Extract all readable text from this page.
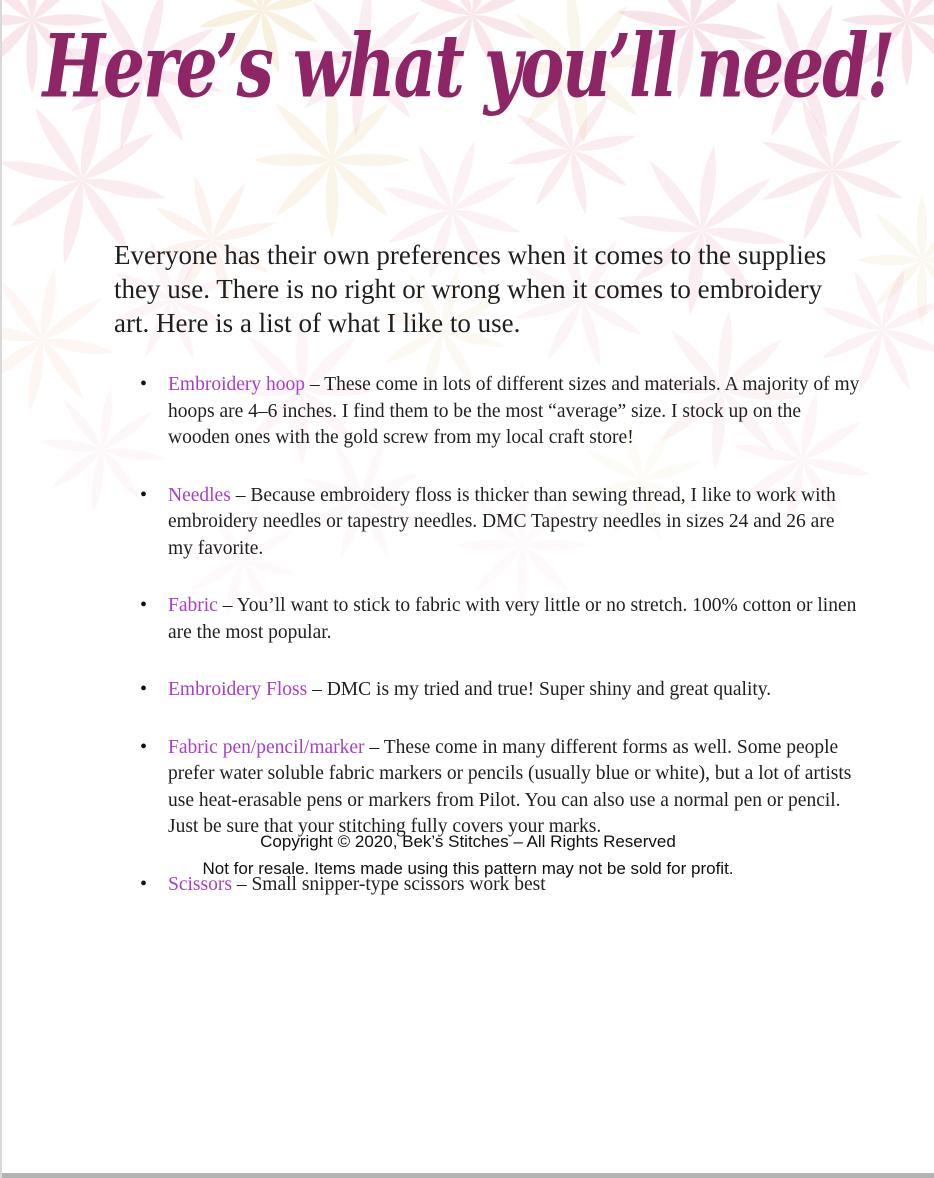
Here’s what you’ll need!

Everyone has their own preferences when it comes to the supplies they use. There is no right or wrong when it comes to embroidery art. Here is a list of what I like to use.

• Embroidery hoop – These come in lots of different sizes and materials. A majority of my hoops are 4–6 inches. I find them to be the most “average” size. I stock up on the wooden ones with the gold screw from my local craft store!
• Needles – Because embroidery floss is thicker than sewing thread, I like to work with embroidery needles or tapestry needles. DMC Tapestry needles in sizes 24 and 26 are my favorite.
• Fabric – You’ll want to stick to fabric with very little or no stretch. 100% cotton or linen are the most popular.
• Embroidery Floss – DMC is my tried and true! Super shiny and great quality.
• Fabric pen/pencil/marker – These come in many different forms as well. Some people prefer water soluble fabric markers or pencils (usually blue or white), but a lot of artists use heat-erasable pens or markers from Pilot. You can also use a normal pen or pencil. Just be sure that your stitching fully covers your marks.
• Scissors – Small snipper-type scissors work best

Copyright © 2020, Bek’s Stitches – All Rights Reserved

Not for resale. Items made using this pattern may not be sold for profit.
